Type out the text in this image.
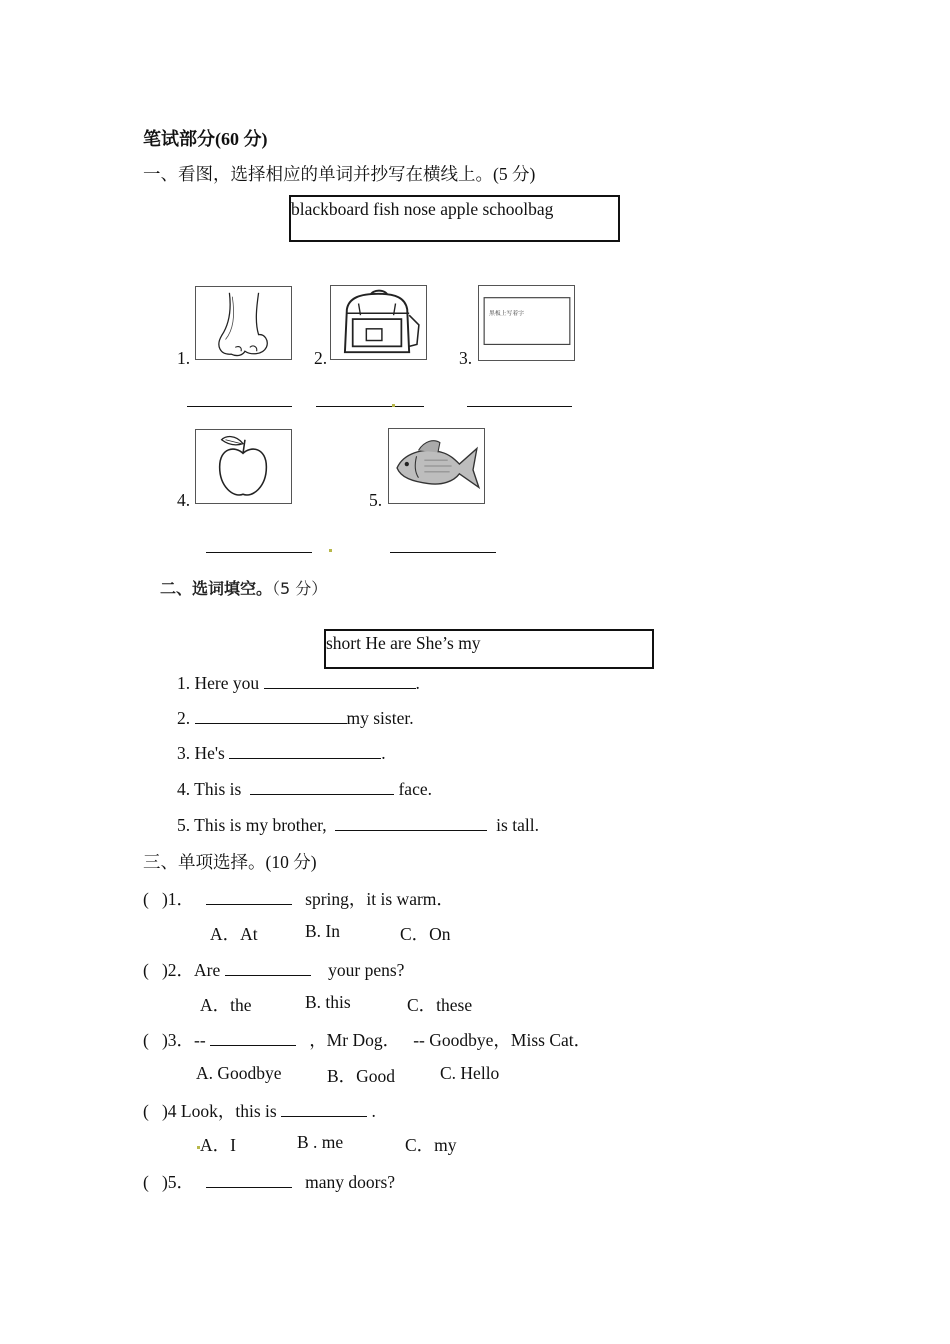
笔试部分(60 分)
一、看图，选择相应的单词并抄写在横线上。(5 分)
blackboard fish nose apple schoolbag
1.	2.	3.
黑板上写着字
4.	5.
二、选词填空。（5 分）
short He are She’s my
1. Here you	.
2.	my sister.
3. He's	.
4. This is	face.
5. This is my brother,	is tall.
三、单项选择。(10 分)
( )1．	spring，it is warm．
A．At	B. In	C．On
( )2．Are	your pens?
A．the	B. this	C．these
( )3．--	，Mr Dog．   -- Goodbye，Miss Cat．
A. Goodbye	B．Good	C. Hello
( )4 Look，this is	.
A．I	B . me	C．my
( )5．	many doors?
